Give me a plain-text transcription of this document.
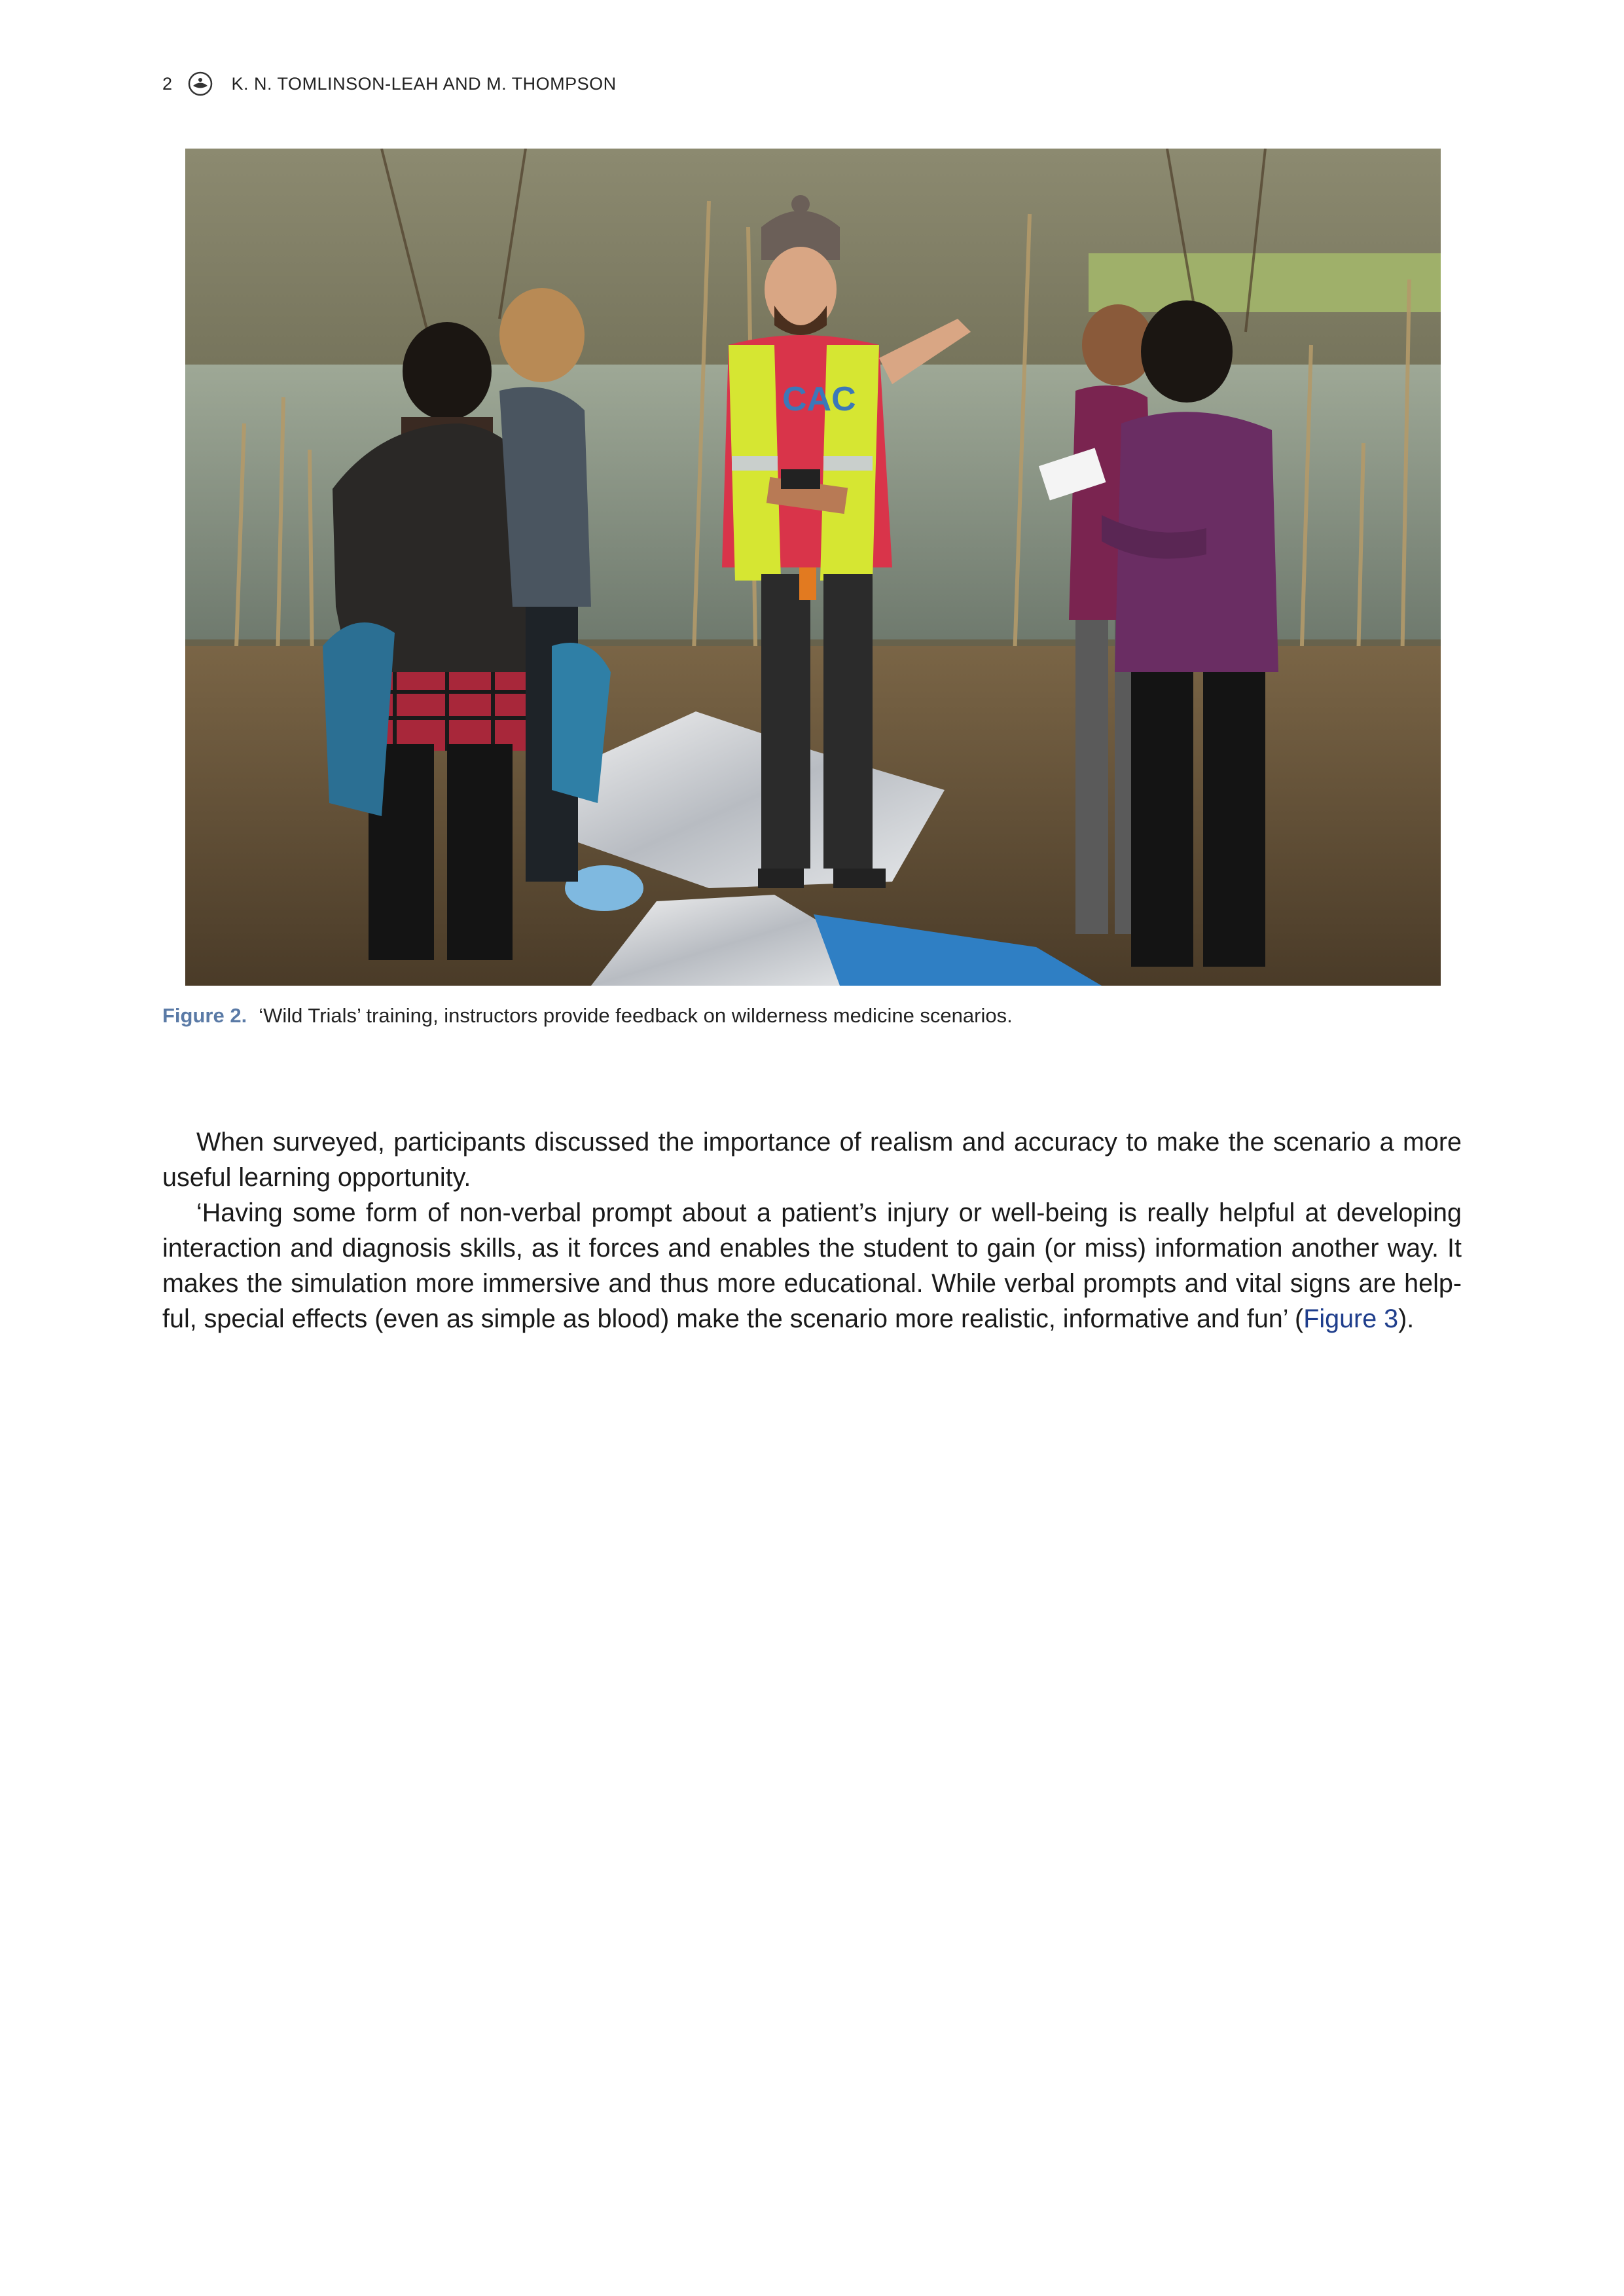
2	K. N. TOMLINSON-LEAH AND M. THOMPSON
CAC
Figure 2. ‘Wild Trials’ training, instructors provide feedback on wilderness medicine scenarios.

When surveyed, participants discussed the importance of realism and accuracy to make the scenario a more useful learning opportunity.

‘Having some form of non-verbal prompt about a patient’s injury or well-being is really helpful at developing interaction and diagnosis skills, as it forces and enables the student to gain (or miss) information another way. It makes the simulation more immersive and thus more educational. While verbal prompts and vital signs are help-ful, special effects (even as simple as blood) make the scenario more realistic, informative and fun’ (Figure 3).
